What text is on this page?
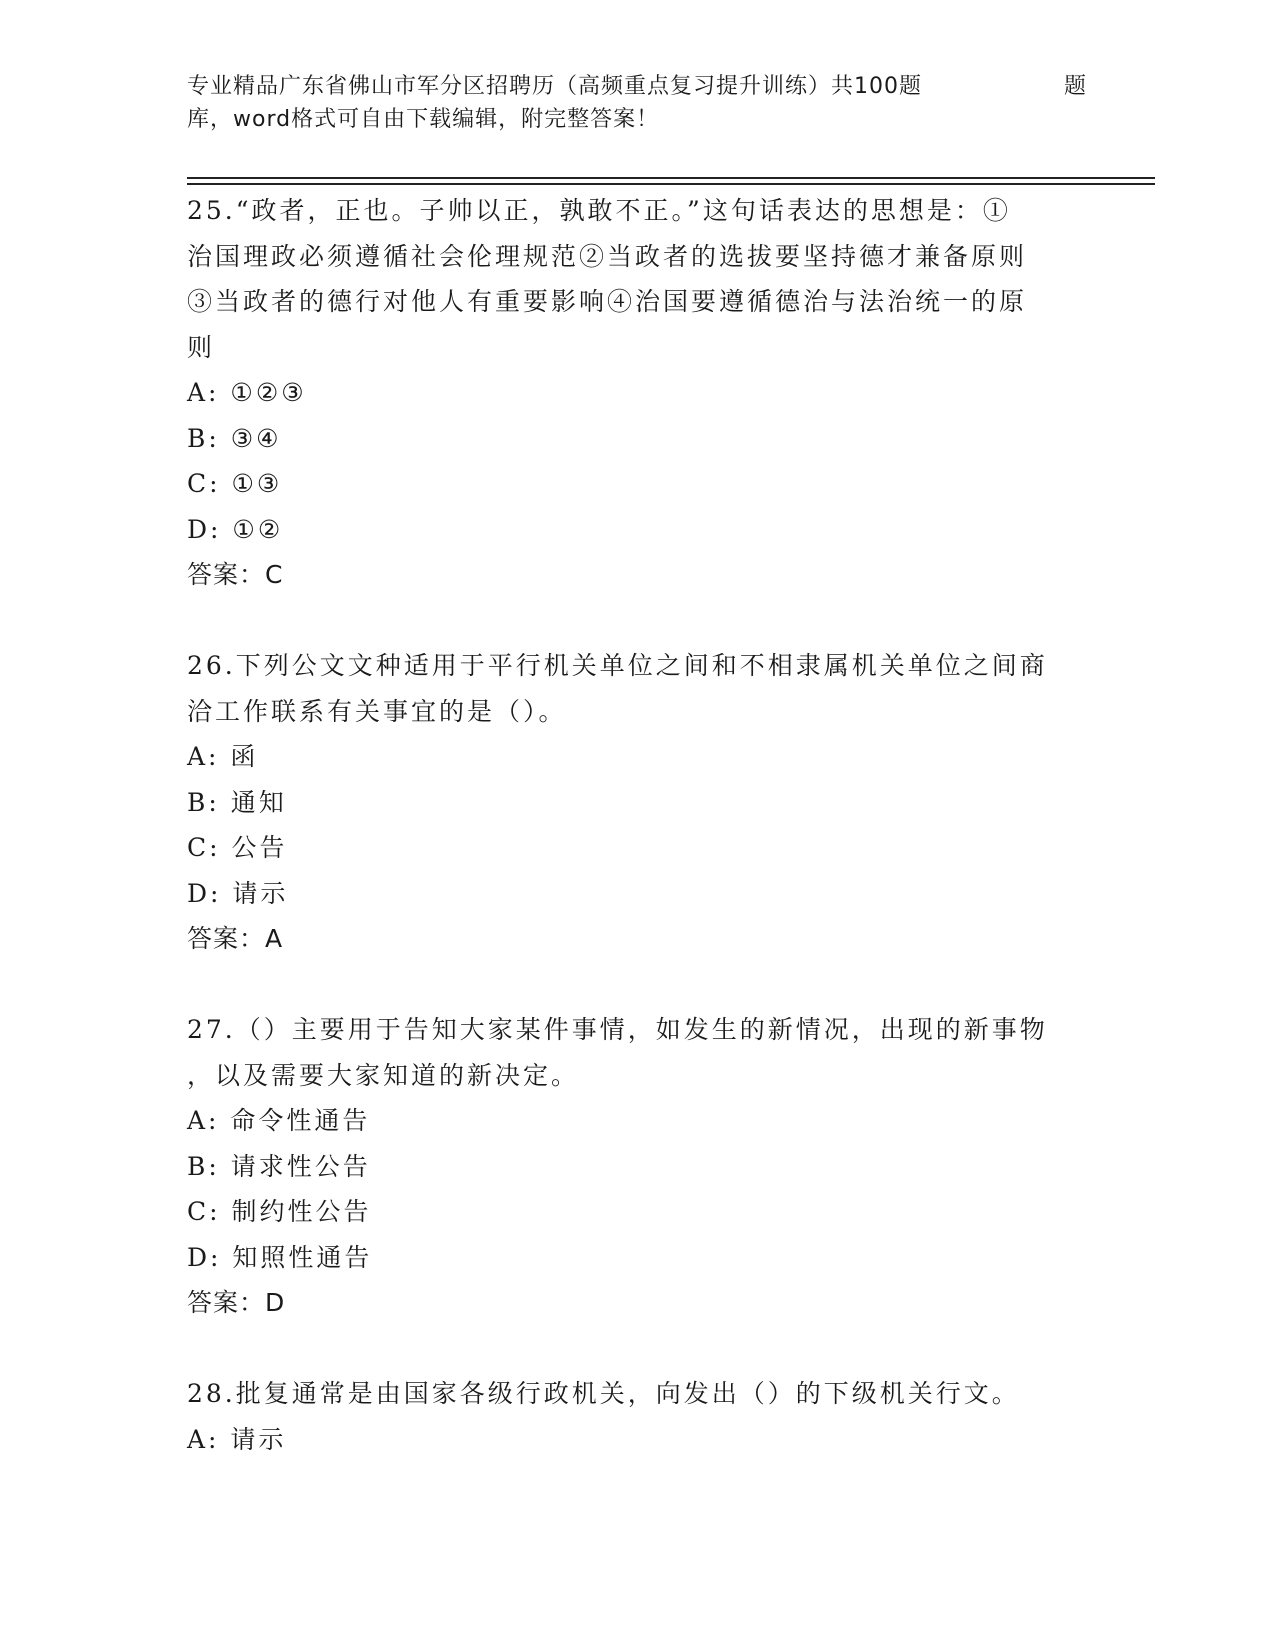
专业精品广东省佛山市军分区招聘历（高频重点复习提升训练）共100题	题
库，word格式可自由下载编辑，附完整答案！
25.“政者，正也。子帅以正，孰敢不正。”这句话表达的思想是：①
治国理政必须遵循社会伦理规范②当政者的选拔要坚持德才兼备原则
③当政者的德行对他人有重要影响④治国要遵循德治与法治统一的原
则
A: ①②③
B: ③④
C: ①③
D: ①②
答案：C
26.下列公文文种适用于平行机关单位之间和不相隶属机关单位之间商
洽工作联系有关事宜的是（）。
A: 函
B: 通知
C: 公告
D: 请示
答案：A
27.（）主要用于告知大家某件事情，如发生的新情况，出现的新事物
，以及需要大家知道的新决定。
A: 命令性通告
B: 请求性公告
C: 制约性公告
D: 知照性通告
答案：D
28.批复通常是由国家各级行政机关，向发出（）的下级机关行文。
A: 请示
